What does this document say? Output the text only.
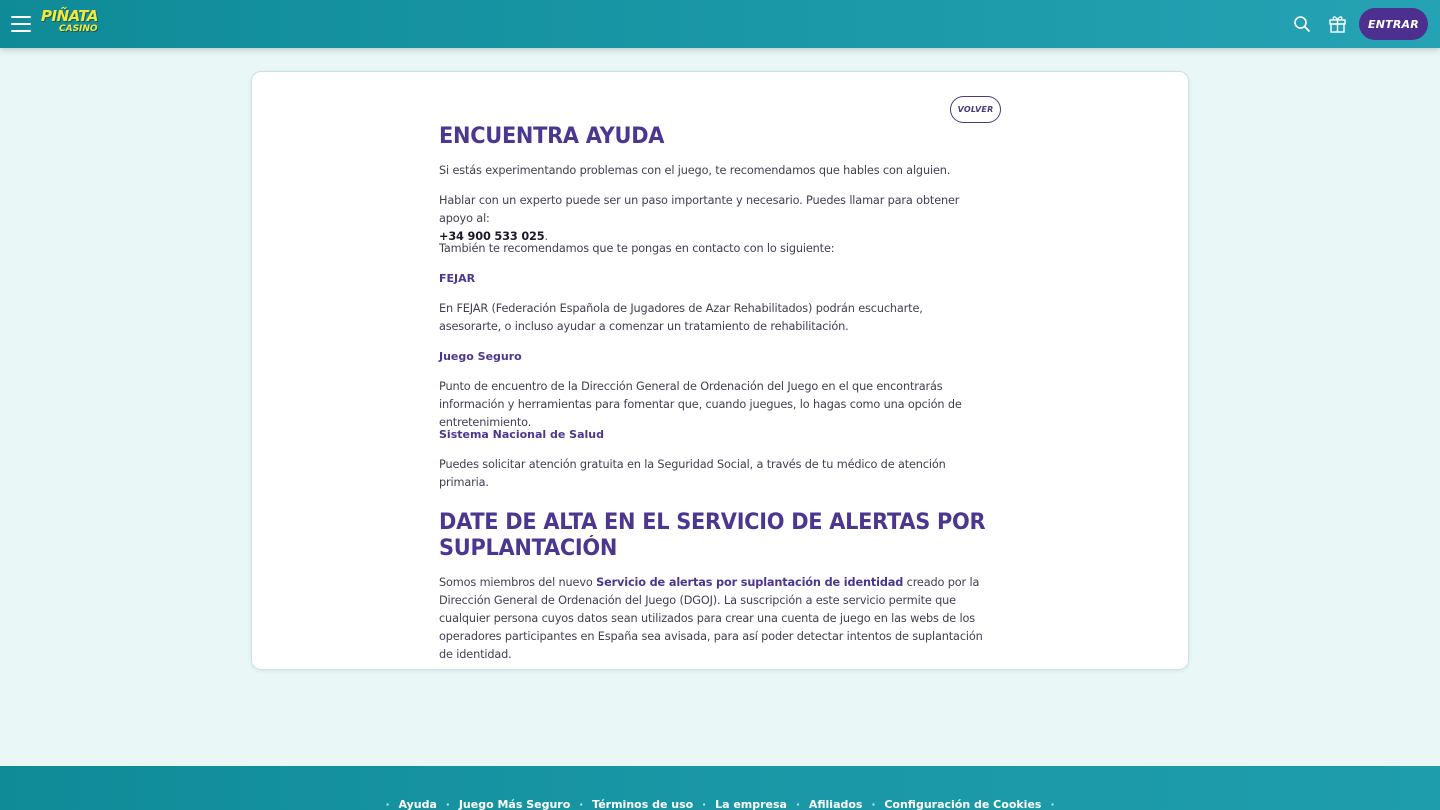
PIÑATA
CASINO	ENTRAR
VOLVER
ENCUENTRA AYUDA

Si estás experimentando problemas con el juego, te recomendamos que hables con alguien.

Hablar con un experto puede ser un paso importante y necesario. Puedes llamar para obtener apoyo al:
+34 900 533 025.

También te recomendamos que te pongas en contacto con lo siguiente:

FEJAR

En FEJAR (Federación Española de Jugadores de Azar Rehabilitados) podrán escucharte, asesorarte, o incluso ayudar a comenzar un tratamiento de rehabilitación.

Juego Seguro

Punto de encuentro de la Dirección General de Ordenación del Juego en el que encontrarás información y herramientas para fomentar que, cuando juegues, lo hagas como una opción de entretenimiento.

Sistema Nacional de Salud

Puedes solicitar atención gratuita en la Seguridad Social, a través de tu médico de atención primaria.

DATE DE ALTA EN EL SERVICIO DE ALERTAS POR
SUPLANTACIÓN

Somos miembros del nuevo Servicio de alertas por suplantación de identidad creado por la Dirección General de Ordenación del Juego (DGOJ). La suscripción a este servicio permite que cualquier persona cuyos datos sean utilizados para crear una cuenta de juego en las webs de los operadores participantes en España sea avisada, para así poder detectar intentos de suplantación de identidad.

· Ayuda · Juego Más Seguro · Términos de uso · La empresa · Afiliados · Configuración de Cookies ·
